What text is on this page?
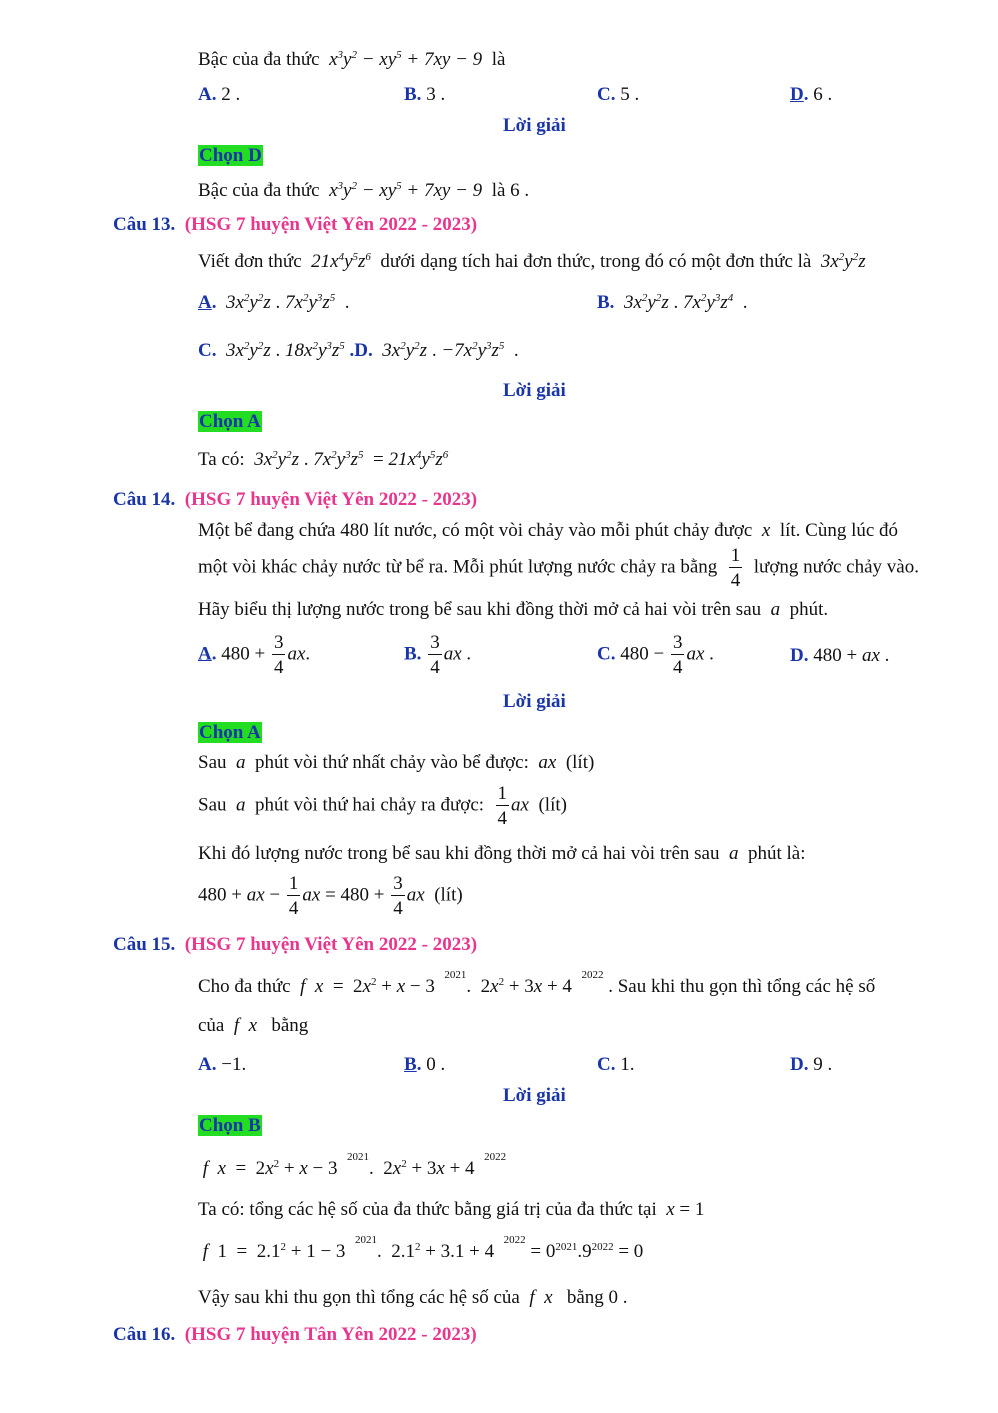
Bậc của đa thức $x^3y^2 - xy^5 + 7xy - 9$ là
A. 2 .	B. 3 .	C. 5 .	D. 6 .
Lời giải
Chọn D
Bậc của đa thức $x^3y^2 - xy^5 + 7xy - 9$ là 6 .
Câu 13. (HSG 7 huyện Việt Yên 2022 - 2023)
Viết đơn thức $21x^4y^5z^6$ dưới dạng tích hai đơn thức, trong đó có một đơn thức là $3x^2y^2z$
A. $3x^2y^2z$ . $7x^2y^3z^5$  .	B. $3x^2y^2z$ . $7x^2y^3z^4$  .
C. $3x^2y^2z$ . $18x^2y^3z^5$ .D. $3x^2y^2z$ . $-7x^2y^3z^5$  .
Lời giải
Chọn A
Ta có: $3x^2y^2z$ . $7x^2y^3z^5 = 21x^4y^5z^6$
Câu 14. (HSG 7 huyện Việt Yên 2022 - 2023)
Một bể đang chứa 480 lít nước, có một vòi chảy vào mỗi phút chảy được x lít. Cùng lúc đó
một vòi khác chảy nước từ bể ra. Mỗi phút lượng nước chảy ra bằng $\frac{1}{4}$ lượng nước chảy vào.
Hãy biểu thị lượng nước trong bể sau khi đồng thời mở cả hai vòi trên sau a phút.
A. $480 + \frac{3}{4}$ ax.	B. $\frac{3}{4}$ ax .	C. $480 - \frac{3}{4}$ ax .	D. 480 + ax .
Lời giải
Chọn A
Sau a phút vòi thứ nhất chảy vào bể được: ax (lít)
Sau a phút vòi thứ hai chảy ra được: $\frac{1}{4}$ ax (lít)
Khi đó lượng nước trong bể sau khi đồng thời mở cả hai vòi trên sau a phút là:
480 + ax − $\frac{1}{4}$ ax = $480 + \frac{3}{4}$ ax (lít)
Câu 15. (HSG 7 huyện Việt Yên 2022 - 2023)
Cho đa thức f $x = 2x^2 + x - 3$  $^{2021}$.  $2x^2 + 3x + 4$  $^{2022}$ . Sau khi thu gọn thì tổng các hệ số
của f x bằng
A. −1.	B. 0 .	C. 1.	D. 9 .
Lời giải
Chọn B
f $x = 2x^2 + x - 3$  $^{2021}$.  $2x^2 + 3x + 4$  $^{2022}$
Ta có: tổng các hệ số của đa thức bằng giá trị của đa thức tại x = 1
f  $1 = 2.1^2 + 1 - 3$  $^{2021}$.  $2.1^2 + 3.1 + 4$  $^{2022} = 0^{2021}.9^{2022} = 0$
Vậy sau khi thu gọn thì tổng các hệ số của f x bằng 0 .
Câu 16. (HSG 7 huyện Tân Yên 2022 - 2023)
